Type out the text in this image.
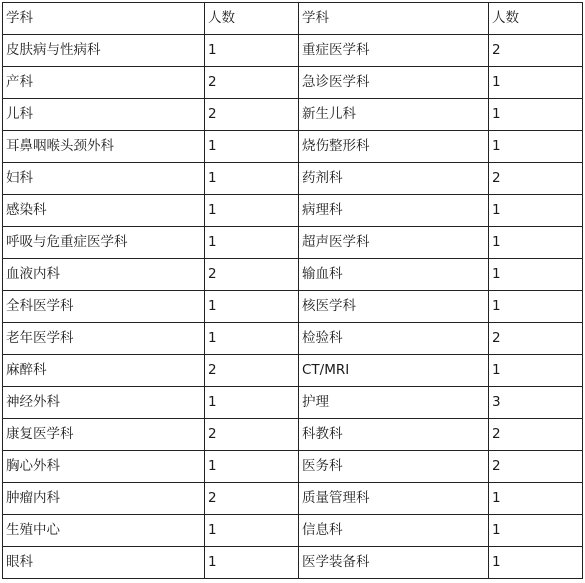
学科	人数	学科	人数
皮肤病与性病科	1	重症医学科	2
产科	2	急诊医学科	1
儿科	2	新生儿科	1
耳鼻咽喉头颈外科	1	烧伤整形科	1
妇科	1	药剂科	2
感染科	1	病理科	1
呼吸与危重症医学科	1	超声医学科	1
血液内科	2	输血科	1
全科医学科	1	核医学科	1
老年医学科	1	检验科	2
麻醉科	2	CT/MRI	1
神经外科	1	护理	3
康复医学科	2	科教科	2
胸心外科	1	医务科	2
肿瘤内科	2	质量管理科	1
生殖中心	1	信息科	1
眼科	1	医学装备科	1
